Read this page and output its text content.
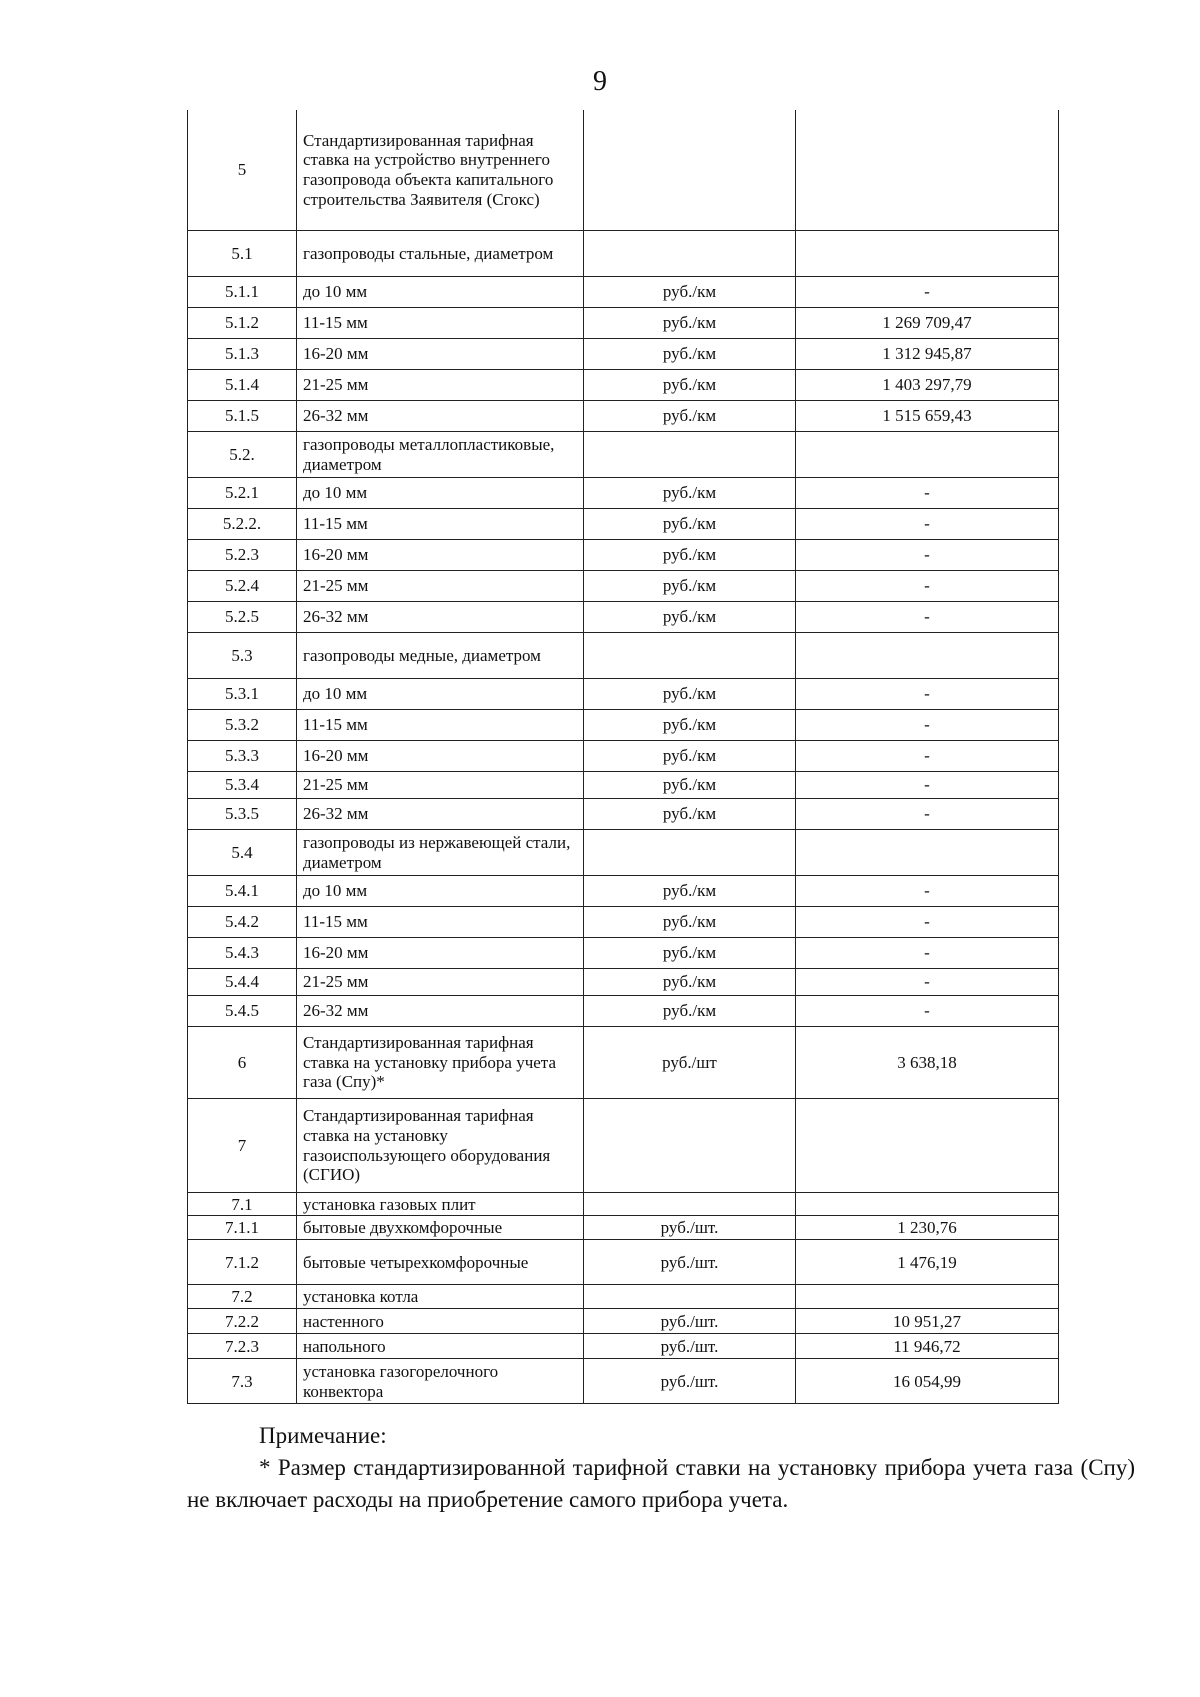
9
5	Стандартизированная тарифная ставка на устройство внутреннего газопровода объекта капитального строительства Заявителя (Сгокс)		
5.1	газопроводы стальные, диаметром		
5.1.1	до 10 мм	руб./км	-
5.1.2	11-15 мм	руб./км	1 269 709,47
5.1.3	16-20 мм	руб./км	1 312 945,87
5.1.4	21-25 мм	руб./км	1 403 297,79
5.1.5	26-32 мм	руб./км	1 515 659,43
5.2.	газопроводы металлопластиковые, диаметром		
5.2.1	до 10 мм	руб./км	-
5.2.2.	11-15 мм	руб./км	-
5.2.3	16-20 мм	руб./км	-
5.2.4	21-25 мм	руб./км	-
5.2.5	26-32 мм	руб./км	-
5.3	газопроводы медные, диаметром		
5.3.1	до 10 мм	руб./км	-
5.3.2	11-15 мм	руб./км	-
5.3.3	16-20 мм	руб./км	-
5.3.4	21-25 мм	руб./км	-
5.3.5	26-32 мм	руб./км	-
5.4	газопроводы из нержавеющей стали, диаметром		
5.4.1	до 10 мм	руб./км	-
5.4.2	11-15 мм	руб./км	-
5.4.3	16-20 мм	руб./км	-
5.4.4	21-25 мм	руб./км	-
5.4.5	26-32 мм	руб./км	-
6	Стандартизированная тарифная ставка на установку прибора учета газа (Спу)*	руб./шт	3 638,18
7	Стандартизированная тарифная ставка на установку газоиспользующего оборудования (СГИО)		
7.1	установка газовых плит		
7.1.1	бытовые двухкомфорочные	руб./шт.	1 230,76
7.1.2	бытовые четырехкомфорочные	руб./шт.	1 476,19
7.2	установка котла		
7.2.2	настенного	руб./шт.	10 951,27
7.2.3	напольного	руб./шт.	11 946,72
7.3	установка газогорелочного конвектора	руб./шт.	16 054,99
Примечание:
* Размер стандартизированной тарифной ставки на установку прибора учета газа (Спу) не включает расходы на приобретение самого прибора учета.
